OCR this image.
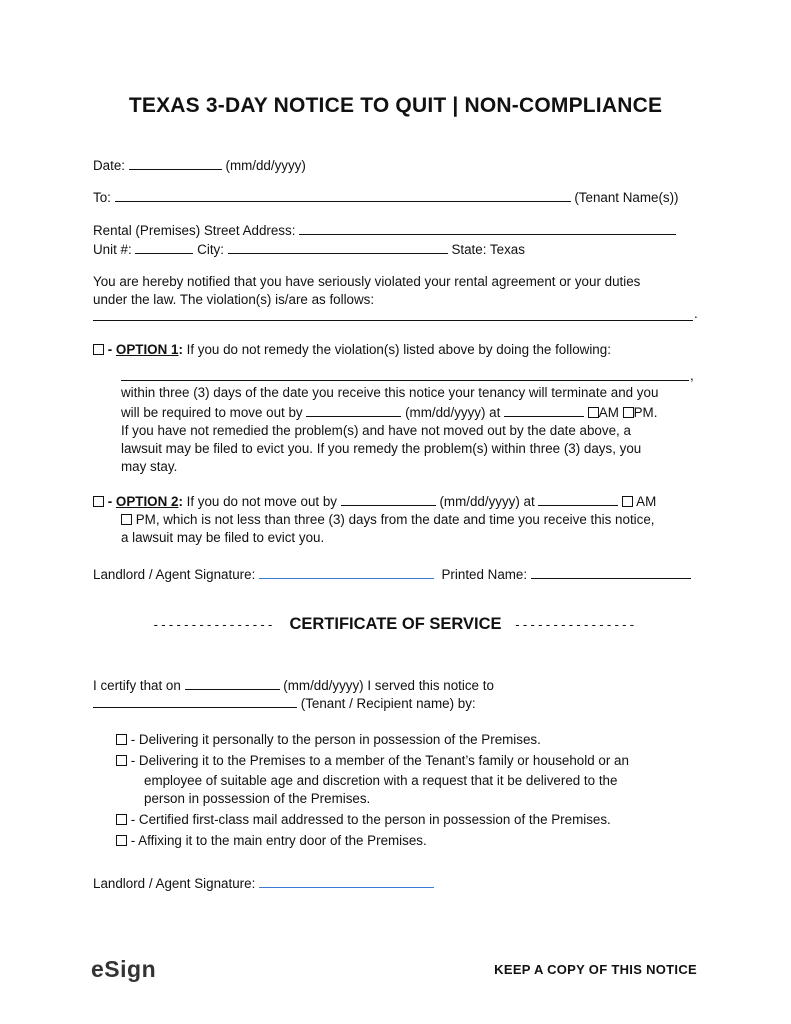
TEXAS 3-DAY NOTICE TO QUIT | NON-COMPLIANCE
Date:	(mm/dd/yyyy)
To:	(Tenant Name(s))
Rental (Premises) Street Address:
Unit #:	City:	State: Texas
You are hereby notified that you have seriously violated your rental agreement or your duties
under the law. The violation(s) is/are as follows:
.
- OPTION 1: If you do not remedy the violation(s) listed above by doing the following:
,
within three (3) days of the date you receive this notice your tenancy will terminate and you
will be required to move out by	(mm/dd/yyyy) at	AM PM.
If you have not remedied the problem(s) and have not moved out by the date above, a
lawsuit may be filed to evict you. If you remedy the problem(s) within three (3) days, you
may stay.
- OPTION 2: If you do not move out by	(mm/dd/yyyy) at	AM
PM, which is not less than three (3) days from the date and time you receive this notice,
a lawsuit may be filed to evict you.
Landlord / Agent Signature:	Printed Name:
---------------- CERTIFICATE OF SERVICE ----------------
I certify that on	(mm/dd/yyyy) I served this notice to
(Tenant / Recipient name) by:
- Delivering it personally to the person in possession of the Premises.
- Delivering it to the Premises to a member of the Tenant’s family or household or an
employee of suitable age and discretion with a request that it be delivered to the
person in possession of the Premises.
- Certified first-class mail addressed to the person in possession of the Premises.
- Affixing it to the main entry door of the Premises.
Landlord / Agent Signature:
eSign	KEEP A COPY OF THIS NOTICE
